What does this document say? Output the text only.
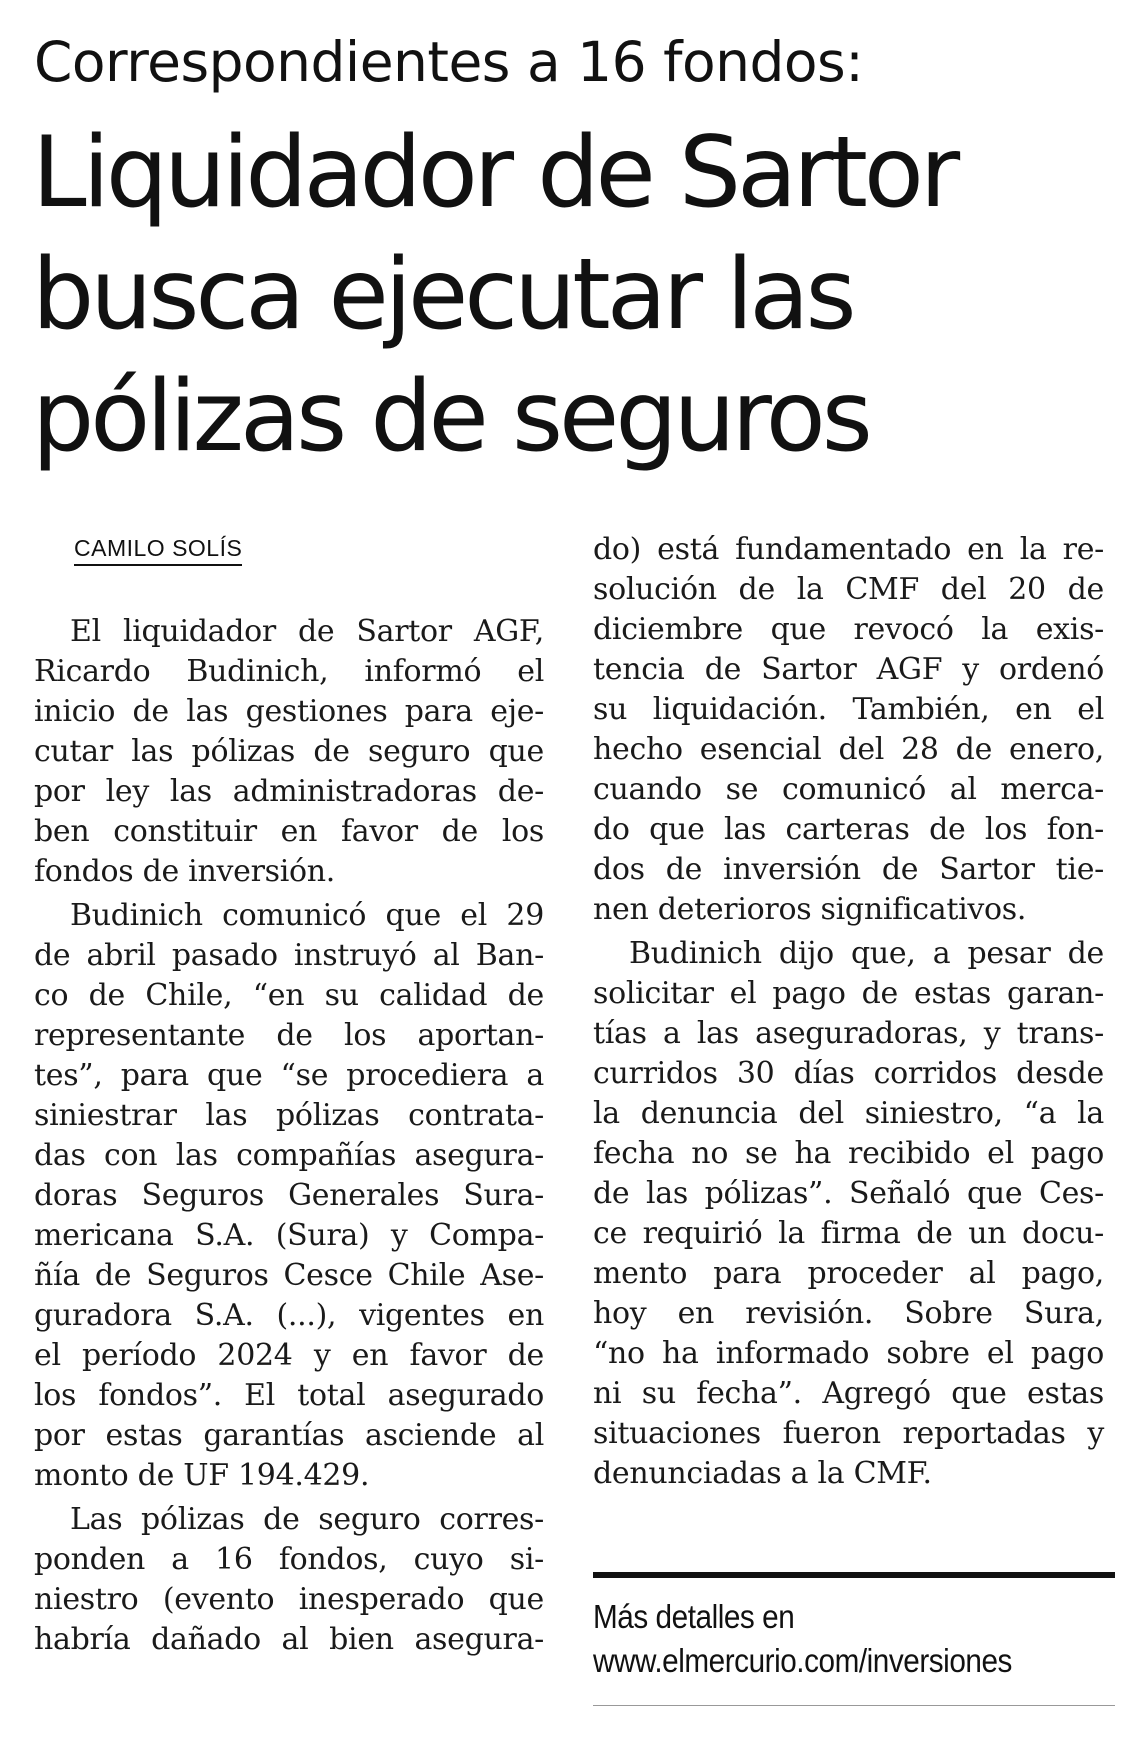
Correspondientes a 16 fondos:
Liquidador de Sartor
busca ejecutar las
pólizas de seguros
CAMILO SOLÍS
El liquidador de Sartor AGF,
Ricardo Budinich, informó el
inicio de las gestiones para eje-
cutar las pólizas de seguro que
por ley las administradoras de-
ben constituir en favor de los
fondos de inversión.
Budinich comunicó que el 29
de abril pasado instruyó al Ban-
co de Chile, “en su calidad de
representante de los aportan-
tes”, para que “se procediera a
siniestrar las pólizas contrata-
das con las compañías asegura-
doras Seguros Generales Sura-
mericana S.A. (Sura) y Compa-
ñía de Seguros Cesce Chile Ase-
guradora S.A. (...), vigentes en
el período 2024 y en favor de
los fondos”. El total asegurado
por estas garantías asciende al
monto de UF 194.429.
Las pólizas de seguro corres-
ponden a 16 fondos, cuyo si-
niestro (evento inesperado que
habría dañado al bien asegura-
do) está fundamentado en la re-
solución de la CMF del 20 de
diciembre que revocó la exis-
tencia de Sartor AGF y ordenó
su liquidación. También, en el
hecho esencial del 28 de enero,
cuando se comunicó al merca-
do que las carteras de los fon-
dos de inversión de Sartor tie-
nen deterioros significativos.
Budinich dijo que, a pesar de
solicitar el pago de estas garan-
tías a las aseguradoras, y trans-
curridos 30 días corridos desde
la denuncia del siniestro, “a la
fecha no se ha recibido el pago
de las pólizas”. Señaló que Ces-
ce requirió la firma de un docu-
mento para proceder al pago,
hoy en revisión. Sobre Sura,
“no ha informado sobre el pago
ni su fecha”. Agregó que estas
situaciones fueron reportadas y
denunciadas a la CMF.
Más detalles en
www.elmercurio.com/inversiones
